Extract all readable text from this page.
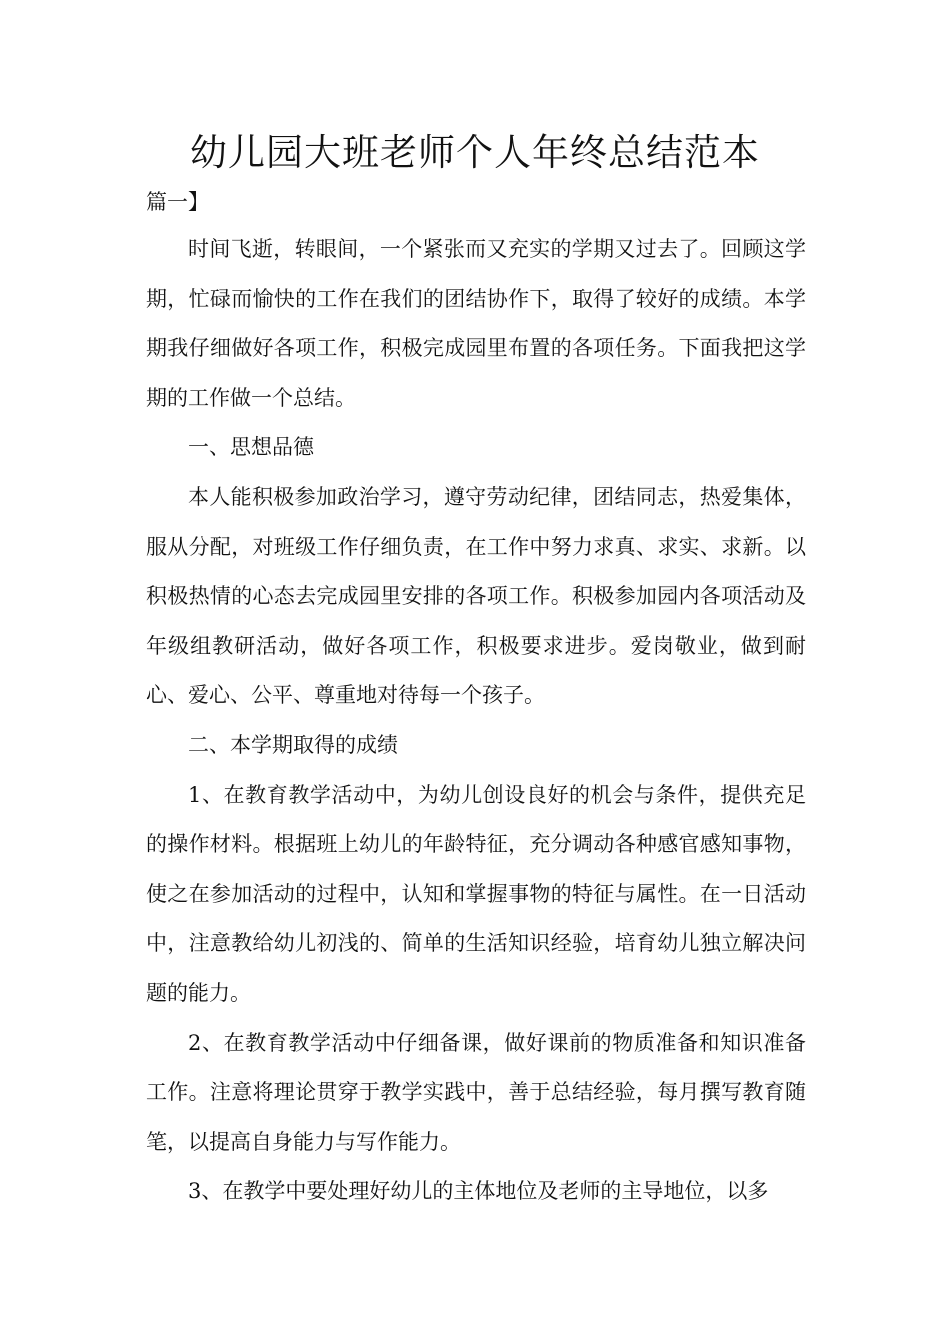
幼儿园大班老师个人年终总结范本

篇一】

时间飞逝，转眼间，一个紧张而又充实的学期又过去了。回顾这学期，忙碌而愉快的工作在我们的团结协作下，取得了较好的成绩。本学期我仔细做好各项工作，积极完成园里布置的各项任务。下面我把这学期的工作做一个总结。

一、思想品德

本人能积极参加政治学习，遵守劳动纪律，团结同志，热爱集体，服从分配，对班级工作仔细负责，在工作中努力求真、求实、求新。以积极热情的心态去完成园里安排的各项工作。积极参加园内各项活动及年级组教研活动，做好各项工作，积极要求进步。爱岗敬业，做到耐心、爱心、公平、尊重地对待每一个孩子。

二、本学期取得的成绩

1、在教育教学活动中，为幼儿创设良好的机会与条件，提供充足的操作材料。根据班上幼儿的年龄特征，充分调动各种感官感知事物，使之在参加活动的过程中，认知和掌握事物的特征与属性。在一日活动中，注意教给幼儿初浅的、简单的生活知识经验，培育幼儿独立解决问题的能力。

2、在教育教学活动中仔细备课，做好课前的物质准备和知识准备工作。注意将理论贯穿于教学实践中，善于总结经验，每月撰写教育随笔，以提高自身能力与写作能力。

3、在教学中要处理好幼儿的主体地位及老师的主导地位，以多
